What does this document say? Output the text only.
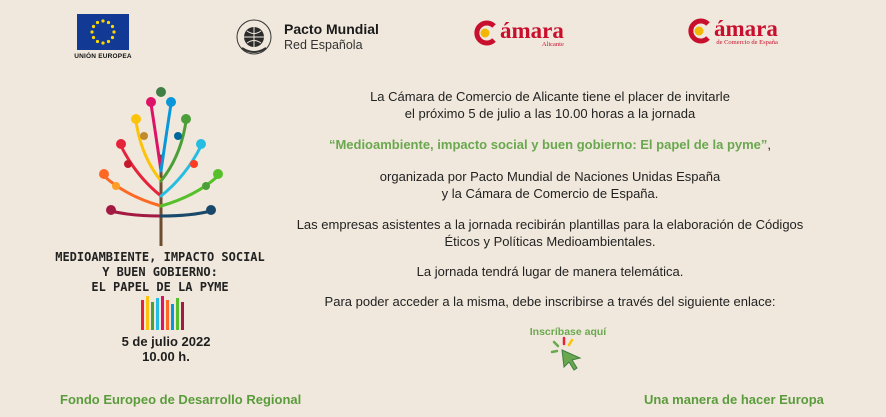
UNIÓN EUROPEA
Pacto Mundial
Red Española
ámara
Alicante
ámara
de Comercio de España
MEDIOAMBIENTE, IMPACTO SOCIAL
Y BUEN GOBIERNO:
EL PAPEL DE LA PYME
5 de julio 2022
10.00 h.
La Cámara de Comercio de Alicante tiene el placer de invitarle
el próximo 5 de julio a las 10.00 horas a la jornada
“Medioambiente, impacto social y buen gobierno: El papel de la pyme”,
organizada por Pacto Mundial de Naciones Unidas España
y la Cámara de Comercio de España.
Las empresas asistentes a la jornada recibirán plantillas para la elaboración de Códigos
Éticos y Políticas Medioambientales.
La jornada tendrá lugar de manera telemática.
Para poder acceder a la misma, debe inscribirse a través del siguiente enlace:
Inscríbase aquí
Fondo Europeo de Desarrollo Regional	Una manera de hacer Europa
